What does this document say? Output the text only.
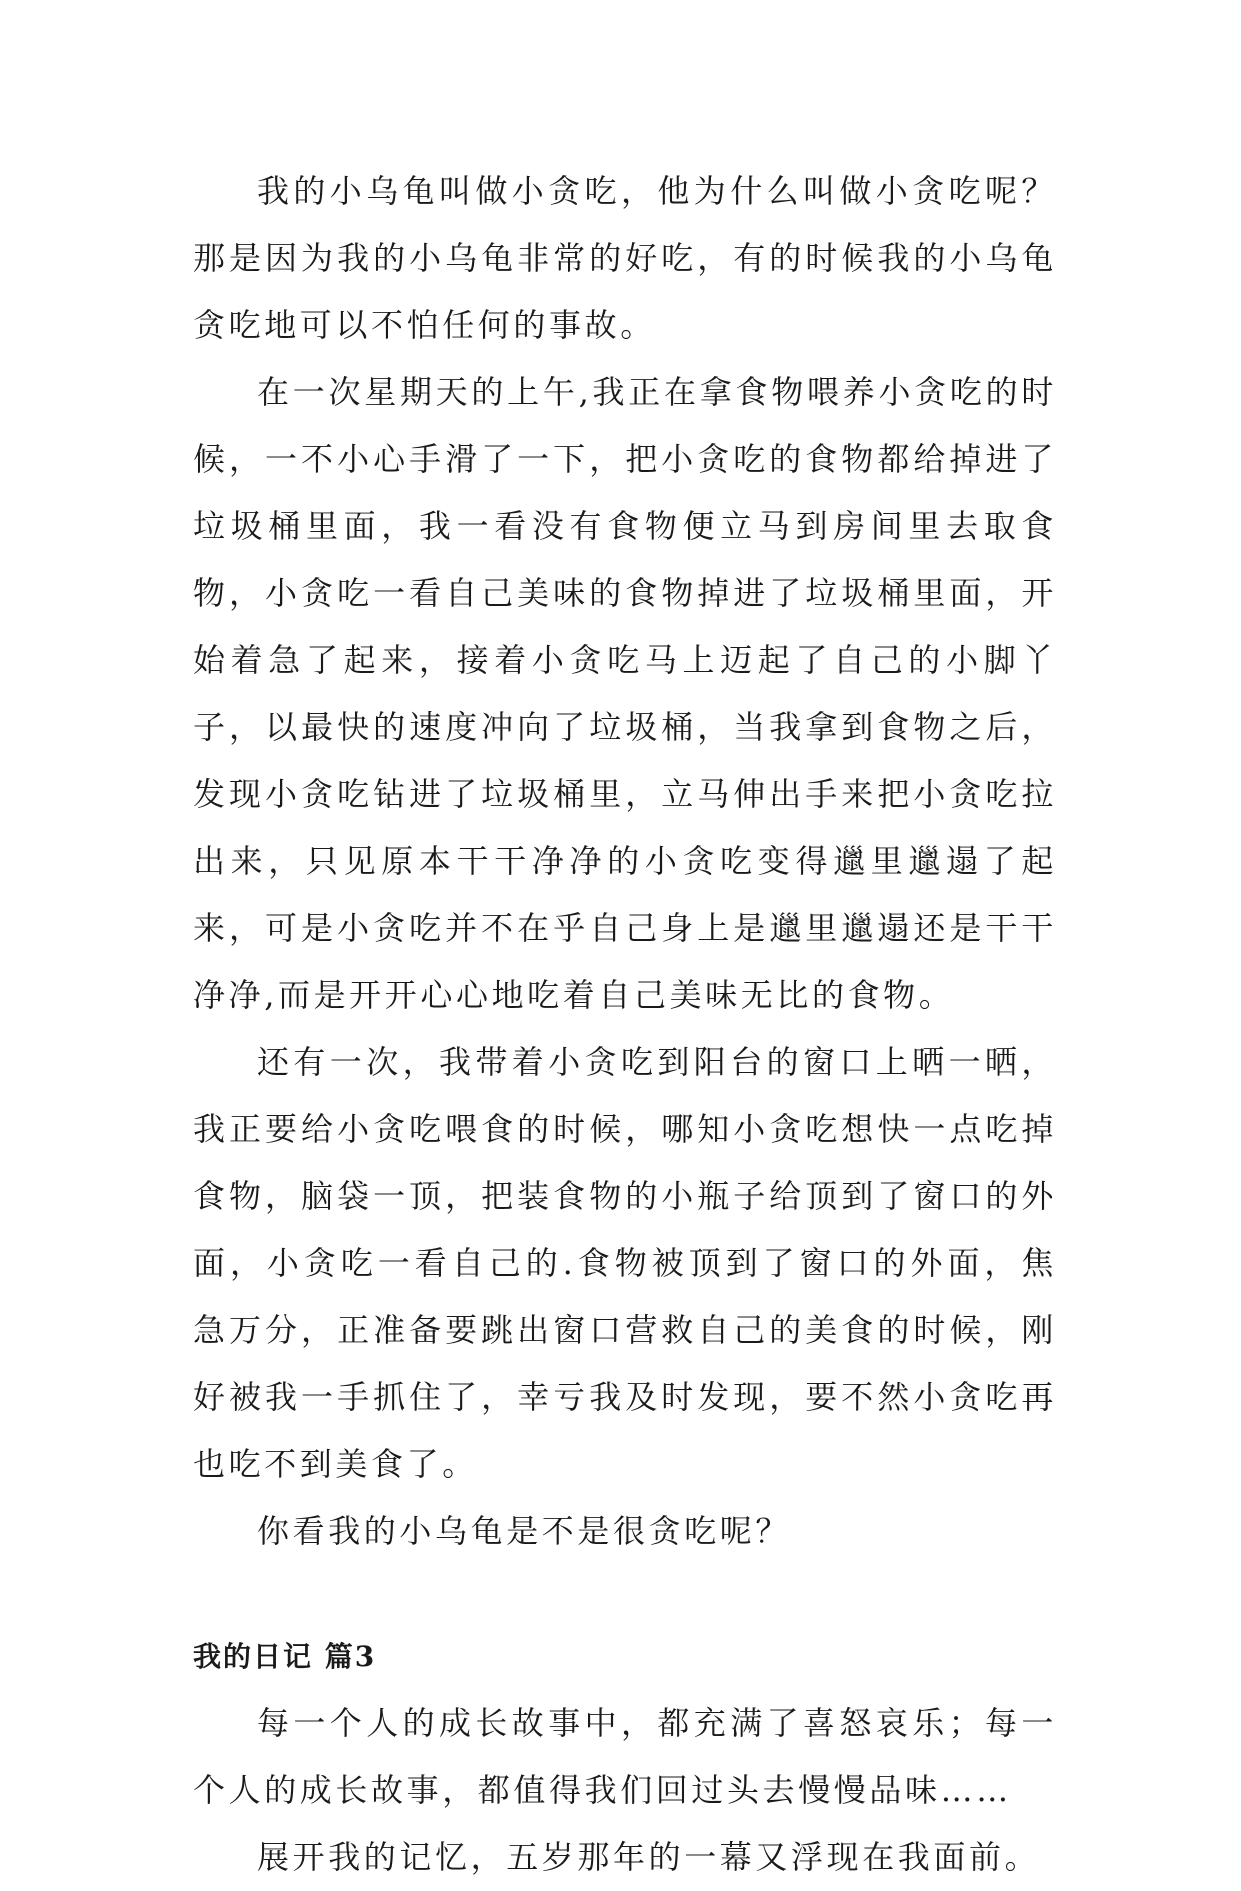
我的小乌龟叫做小贪吃，他为什么叫做小贪吃呢？那是因为我的小乌龟非常的好吃，有的时候我的小乌龟贪吃地可以不怕任何的事故。

在一次星期天的上午,我正在拿食物喂养小贪吃的时候，一不小心手滑了一下，把小贪吃的食物都给掉进了垃圾桶里面，我一看没有食物便立马到房间里去取食物，小贪吃一看自己美味的食物掉进了垃圾桶里面，开始着急了起来，接着小贪吃马上迈起了自己的小脚丫子，以最快的速度冲向了垃圾桶，当我拿到食物之后，发现小贪吃钻进了垃圾桶里，立马伸出手来把小贪吃拉出来，只见原本干干净净的小贪吃变得邋里邋遢了起来，可是小贪吃并不在乎自己身上是邋里邋遢还是干干净净,而是开开心心地吃着自己美味无比的食物。

还有一次，我带着小贪吃到阳台的窗口上晒一晒，我正要给小贪吃喂食的时候，哪知小贪吃想快一点吃掉食物，脑袋一顶，把装食物的小瓶子给顶到了窗口的外面，小贪吃一看自己的.食物被顶到了窗口的外面，焦急万分，正准备要跳出窗口营救自己的美食的时候，刚好被我一手抓住了，幸亏我及时发现，要不然小贪吃再也吃不到美食了。

你看我的小乌龟是不是很贪吃呢？

我的日记 篇3

每一个人的成长故事中，都充满了喜怒哀乐；每一个人的成长故事，都值得我们回过头去慢慢品味……

展开我的记忆，五岁那年的一幕又浮现在我面前。
